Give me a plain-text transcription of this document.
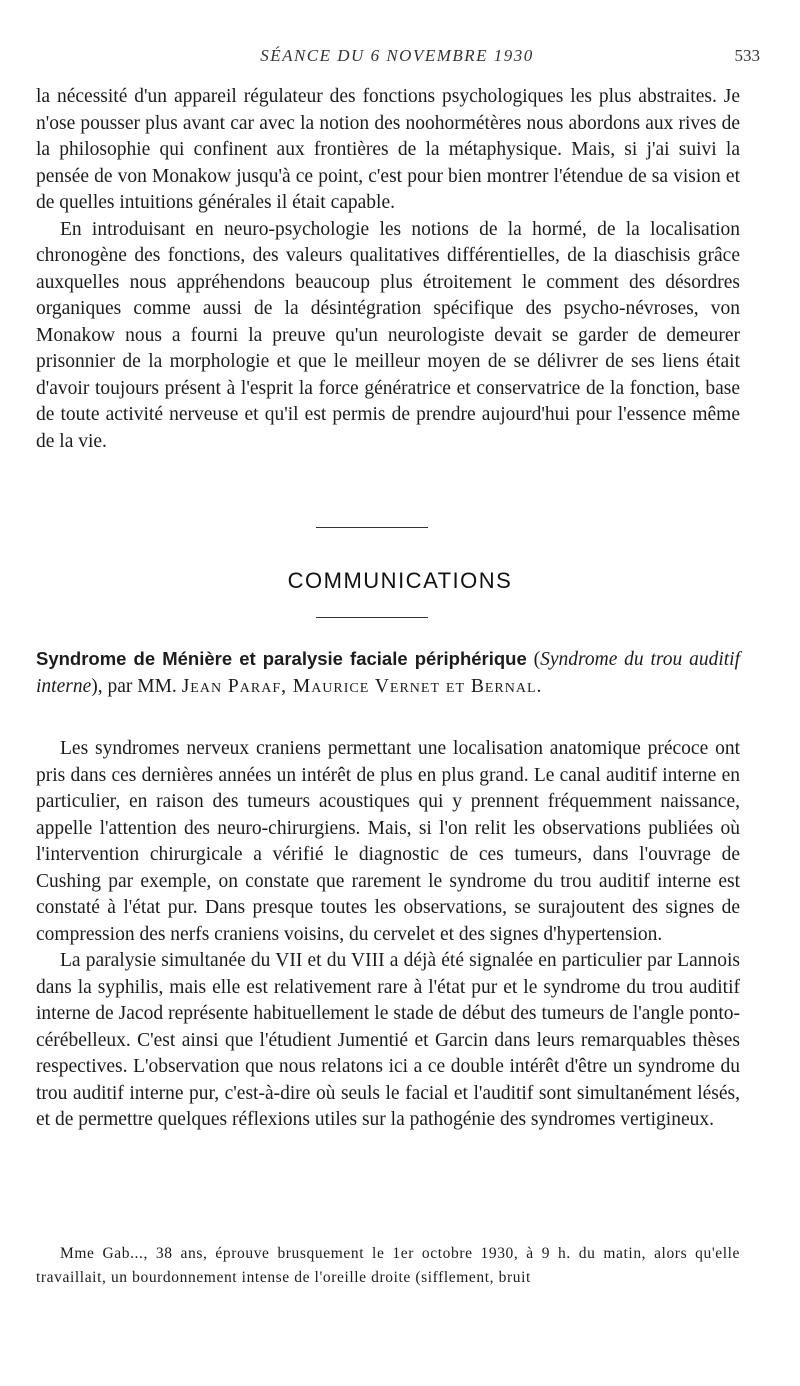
SÉANCE DU 6 NOVEMBRE 1930	533

la nécessité d'un appareil régulateur des fonctions psychologiques les plus abstraites. Je n'ose pousser plus avant car avec la notion des noohormétères nous abordons aux rives de la philosophie qui confinent aux frontières de la métaphysique. Mais, si j'ai suivi la pensée de von Monakow jusqu'à ce point, c'est pour bien montrer l'étendue de sa vision et de quelles intuitions générales il était capable.

En introduisant en neuro-psychologie les notions de la hormé, de la localisation chronogène des fonctions, des valeurs qualitatives différentielles, de la diaschisis grâce auxquelles nous appréhendons beaucoup plus étroitement le comment des désordres organiques comme aussi de la désintégration spécifique des psycho-névroses, von Monakow nous a fourni la preuve qu'un neurologiste devait se garder de demeurer prisonnier de la morphologie et que le meilleur moyen de se délivrer de ses liens était d'avoir toujours présent à l'esprit la force génératrice et conservatrice de la fonction, base de toute activité nerveuse et qu'il est permis de prendre aujourd'hui pour l'essence même de la vie.

COMMUNICATIONS

Syndrome de Ménière et paralysie faciale périphérique (Syndrome du trou auditif interne), par MM. Jean Paraf, Maurice Vernet et Bernal.

Les syndromes nerveux craniens permettant une localisation anatomique précoce ont pris dans ces dernières années un intérêt de plus en plus grand. Le canal auditif interne en particulier, en raison des tumeurs acoustiques qui y prennent fréquemment naissance, appelle l'attention des neuro-chirurgiens. Mais, si l'on relit les observations publiées où l'intervention chirurgicale a vérifié le diagnostic de ces tumeurs, dans l'ouvrage de Cushing par exemple, on constate que rarement le syndrome du trou auditif interne est constaté à l'état pur. Dans presque toutes les observations, se surajoutent des signes de compression des nerfs craniens voisins, du cervelet et des signes d'hypertension.

La paralysie simultanée du VII et du VIII a déjà été signalée en particulier par Lannois dans la syphilis, mais elle est relativement rare à l'état pur et le syndrome du trou auditif interne de Jacod représente habituellement le stade de début des tumeurs de l'angle ponto-cérébelleux. C'est ainsi que l'étudient Jumentié et Garcin dans leurs remarquables thèses respectives. L'observation que nous relatons ici a ce double intérêt d'être un syndrome du trou auditif interne pur, c'est-à-dire où seuls le facial et l'auditif sont simultanément lésés, et de permettre quelques réflexions utiles sur la pathogénie des syndromes vertigineux.

Mme Gab..., 38 ans, éprouve brusquement le 1er octobre 1930, à 9 h. du matin, alors qu'elle travaillait, un bourdonnement intense de l'oreille droite (sifflement, bruit
